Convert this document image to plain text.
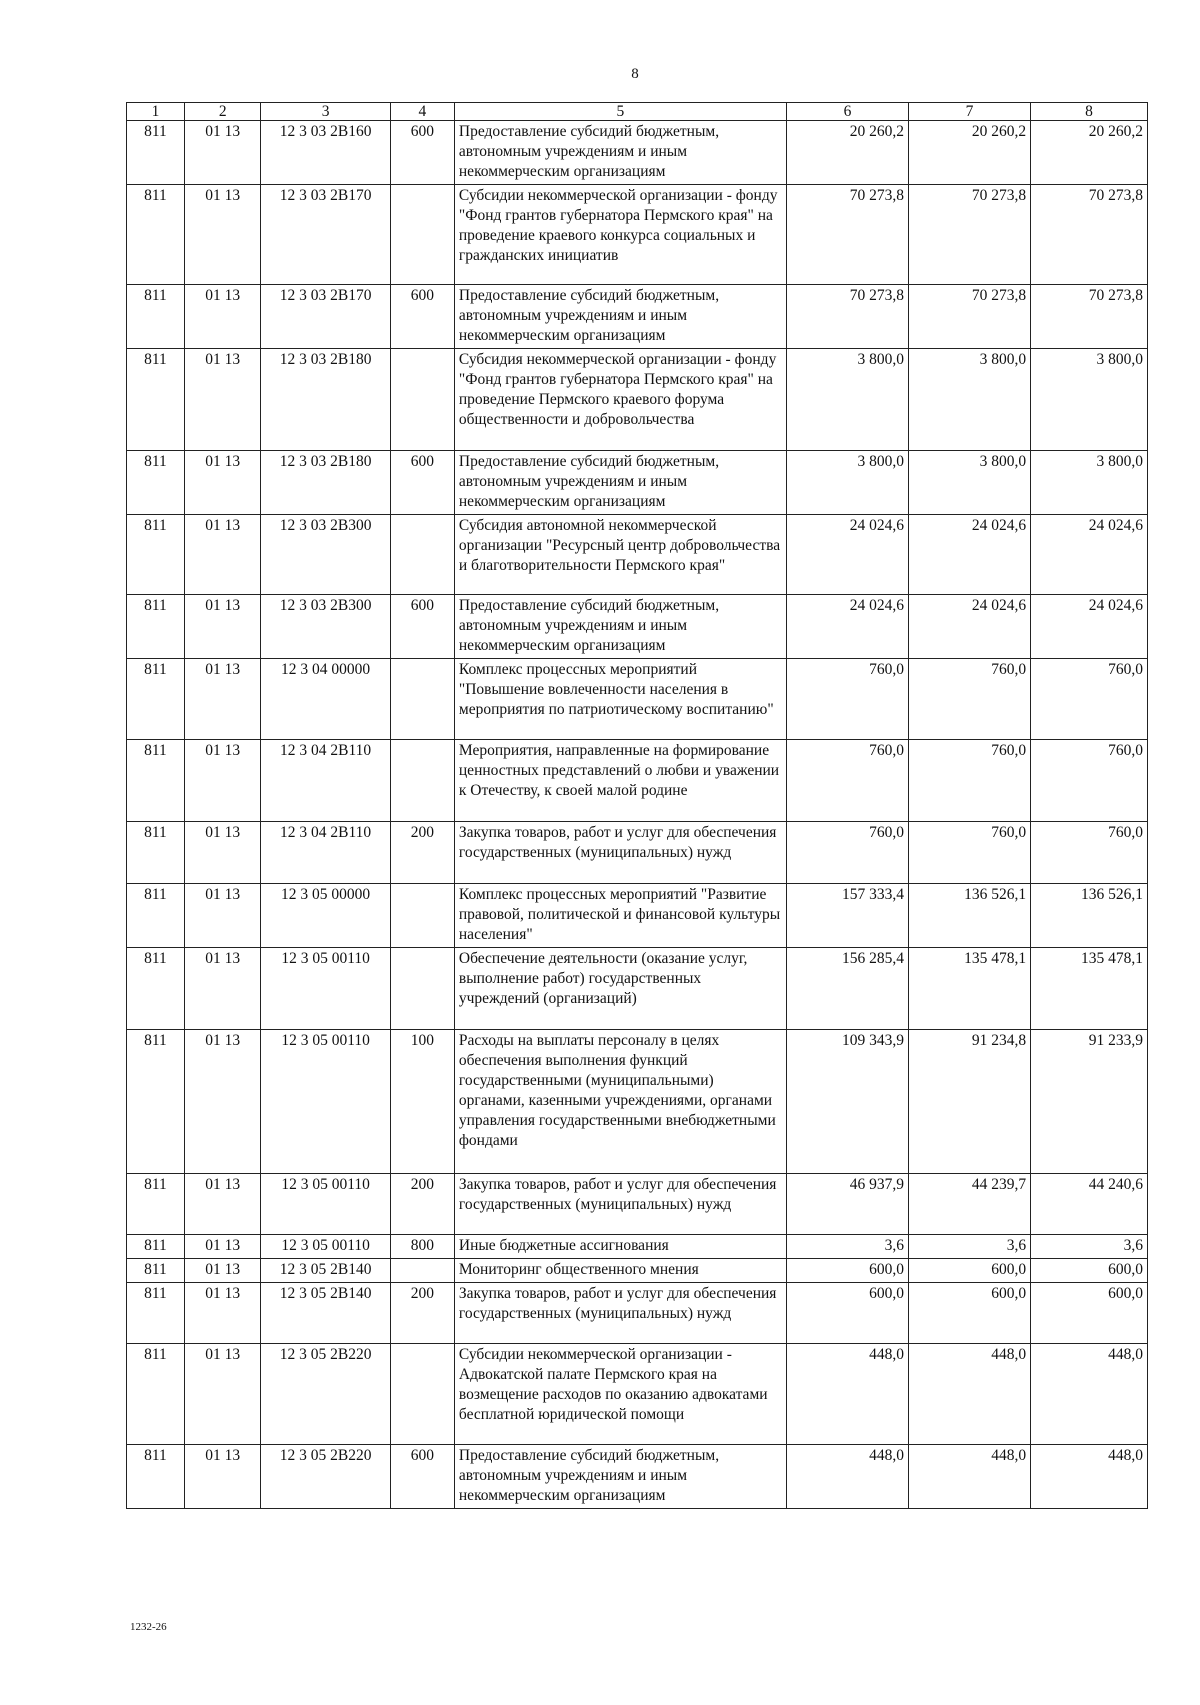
8
1	2	3	4	5	6	7	8
811	01 13	12 3 03 2В160	600	Предоставление субсидий бюджетным, автономным учреждениям и иным некоммерческим организациям	20 260,2	20 260,2	20 260,2
811	01 13	12 3 03 2В170		Субсидии некоммерческой организации - фонду "Фонд грантов губернатора Пермского края" на проведение краевого конкурса социальных и гражданских инициатив	70 273,8	70 273,8	70 273,8
811	01 13	12 3 03 2В170	600	Предоставление субсидий бюджетным, автономным учреждениям и иным некоммерческим организациям	70 273,8	70 273,8	70 273,8
811	01 13	12 3 03 2В180		Субсидия некоммерческой организации - фонду "Фонд грантов губернатора Пермского края" на проведение Пермского краевого форума общественности и добровольчества	3 800,0	3 800,0	3 800,0
811	01 13	12 3 03 2В180	600	Предоставление субсидий бюджетным, автономным учреждениям и иным некоммерческим организациям	3 800,0	3 800,0	3 800,0
811	01 13	12 3 03 2В300		Субсидия автономной некоммерческой организации "Ресурсный центр добровольчества и благотворительности Пермского края"	24 024,6	24 024,6	24 024,6
811	01 13	12 3 03 2В300	600	Предоставление субсидий бюджетным, автономным учреждениям и иным некоммерческим организациям	24 024,6	24 024,6	24 024,6
811	01 13	12 3 04 00000		Комплекс процессных мероприятий "Повышение вовлеченности населения в мероприятия по патриотическому воспитанию"	760,0	760,0	760,0
811	01 13	12 3 04 2В110		Мероприятия, направленные на формирование ценностных представлений о любви и уважении к Отечеству, к своей малой родине	760,0	760,0	760,0
811	01 13	12 3 04 2В110	200	Закупка товаров, работ и услуг для обеспечения государственных (муниципальных) нужд	760,0	760,0	760,0
811	01 13	12 3 05 00000		Комплекс процессных мероприятий "Развитие правовой, политической и финансовой культуры населения"	157 333,4	136 526,1	136 526,1
811	01 13	12 3 05 00110		Обеспечение деятельности (оказание услуг, выполнение работ) государственных учреждений (организаций)	156 285,4	135 478,1	135 478,1
811	01 13	12 3 05 00110	100	Расходы на выплаты персоналу в целях обеспечения выполнения функций государственными (муниципальными) органами, казенными учреждениями, органами управления государственными внебюджетными фондами	109 343,9	91 234,8	91 233,9
811	01 13	12 3 05 00110	200	Закупка товаров, работ и услуг для обеспечения государственных (муниципальных) нужд	46 937,9	44 239,7	44 240,6
811	01 13	12 3 05 00110	800	Иные бюджетные ассигнования	3,6	3,6	3,6
811	01 13	12 3 05 2В140		Мониторинг общественного мнения	600,0	600,0	600,0
811	01 13	12 3 05 2В140	200	Закупка товаров, работ и услуг для обеспечения государственных (муниципальных) нужд	600,0	600,0	600,0
811	01 13	12 3 05 2В220		Субсидии некоммерческой организации - Адвокатской палате Пермского края на возмещение расходов по оказанию адвокатами бесплатной юридической помощи	448,0	448,0	448,0
811	01 13	12 3 05 2В220	600	Предоставление субсидий бюджетным, автономным учреждениям и иным некоммерческим организациям	448,0	448,0	448,0
1232-26
